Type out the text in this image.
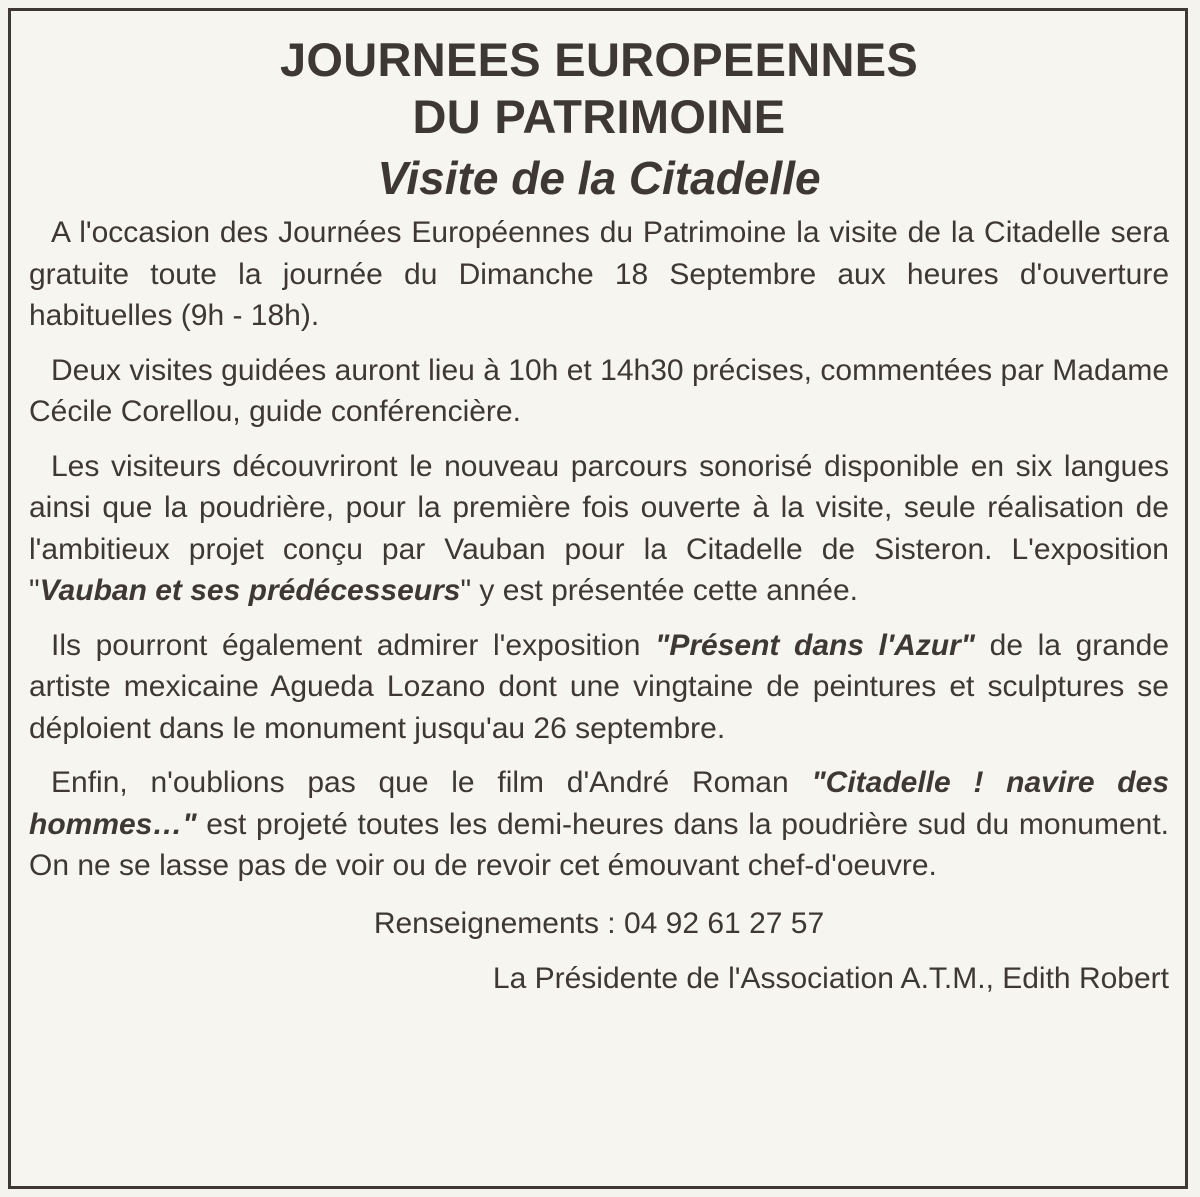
JOURNEES EUROPEENNES
DU PATRIMOINE
Visite de la Citadelle

A l'occasion des Journées Européennes du Patrimoine la visite de la Citadelle sera gratuite toute la journée du Dimanche 18 Septembre aux heures d'ouverture habituelles (9h - 18h).

Deux visites guidées auront lieu à 10h et 14h30 précises, commentées par Madame Cécile Corellou, guide conférencière.

Les visiteurs découvriront le nouveau parcours sonorisé disponible en six langues ainsi que la poudrière, pour la première fois ouverte à la visite, seule réalisation de l'ambitieux projet conçu par Vauban pour la Citadelle de Sisteron. L'exposition "Vauban et ses prédécesseurs" y est présentée cette année.

Ils pourront également admirer l'exposition "Présent dans l'Azur" de la grande artiste mexicaine Agueda Lozano dont une vingtaine de peintures et sculptures se déploient dans le monument jusqu'au 26 septembre.

Enfin, n'oublions pas que le film d'André Roman "Citadelle ! navire des hommes…" est projeté toutes les demi-heures dans la poudrière sud du monument. On ne se lasse pas de voir ou de revoir cet émouvant chef-d'oeuvre.

Renseignements : 04 92 61 27 57

La Présidente de l'Association A.T.M., Edith Robert
